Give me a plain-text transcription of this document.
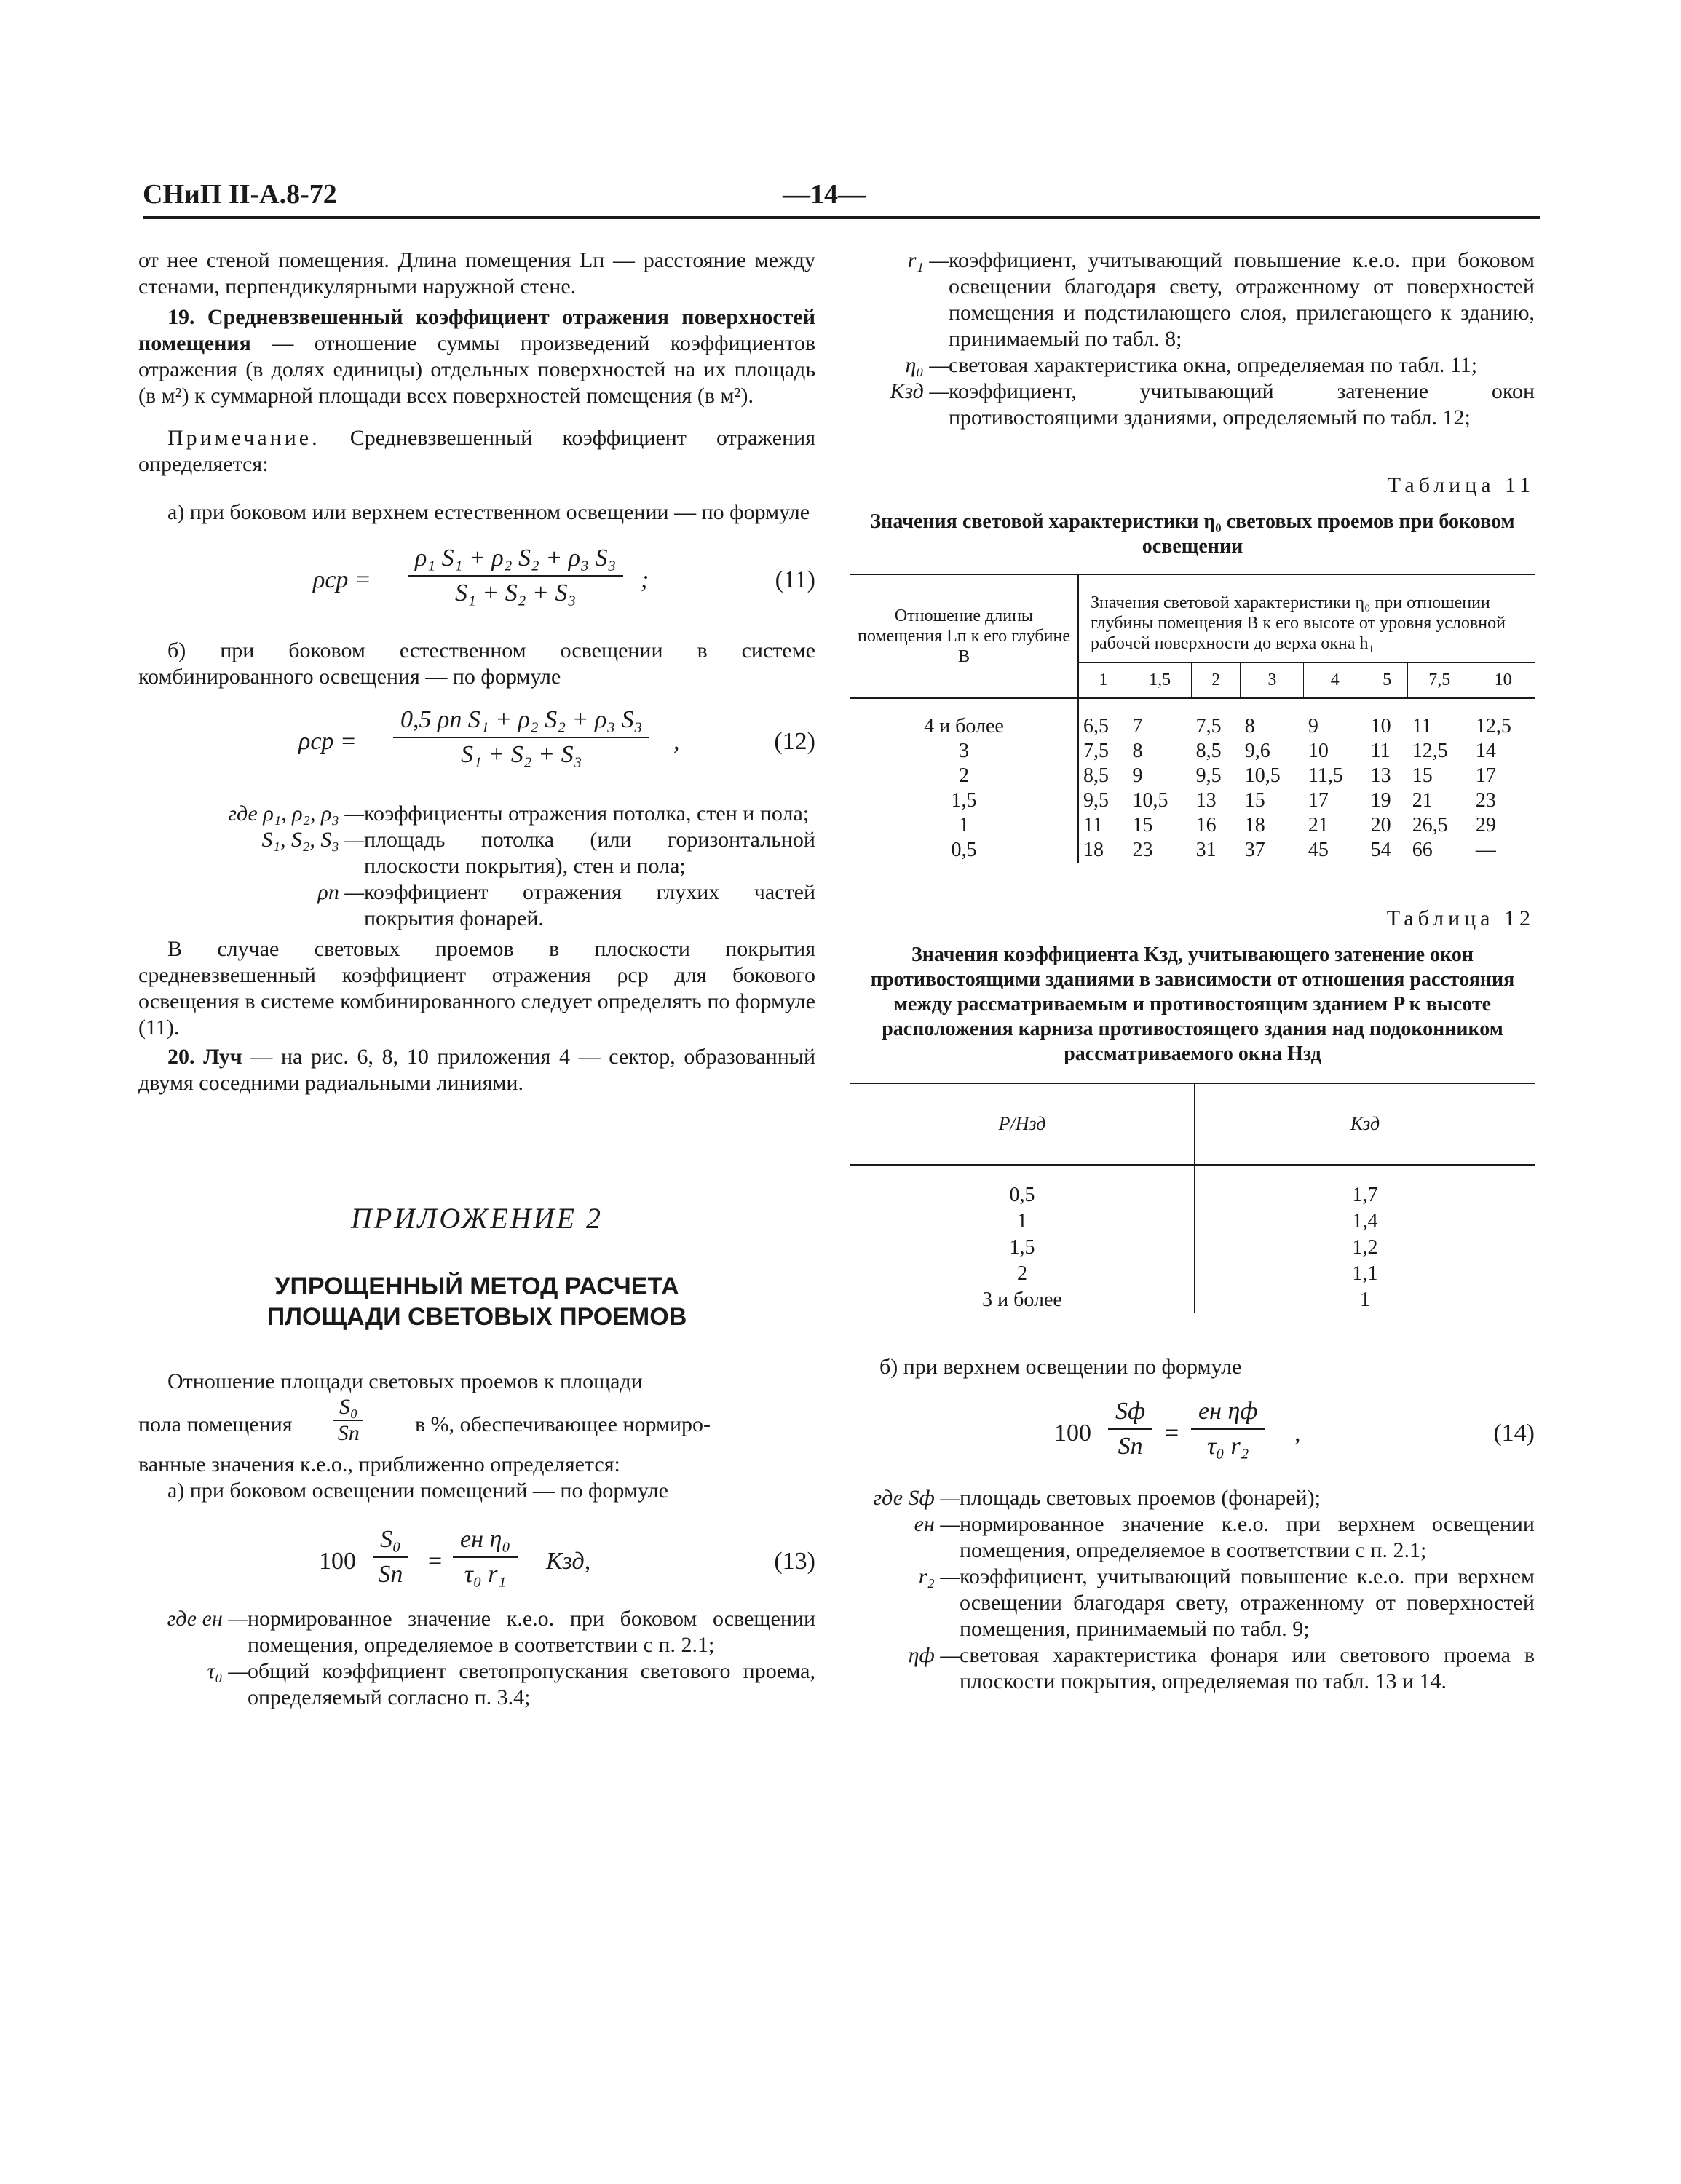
СНиП II-А.8-72	—14—

от нее стеной помещения. Длина помещения Lп — расстояние между стенами, перпендикулярными наружной стене.

19. Средневзвешенный коэффициент отражения поверхностей помещения — отношение суммы произведений коэффициентов отражения (в долях единицы) отдельных поверхностей на их площадь (в м²) к суммарной площади всех поверхностей помещения (в м²).

Примечание. Средневзвешенный коэффициент отражения определяется:

а) при боковом или верхнем естественном освещении — по формуле

$\rho ср = \frac{\text{ρ₁ S₁ + ρ₂ S₂ + ρ₃ S₃}}{\text{S₁ + S₂ + S₃}}$ ;	(11)

б) при боковом естественном освещении в системе комбинированного освещения — по формуле

ρср =
0,5 ρп S₁ + ρ₂ S₂ + ρ₃ S₃
S₁ + S₂ + S₃	,	(12)
где ρ₁, ρ₂, ρ₃ — коэффициенты отражения потолка, стен и пола;
S₁, S₂, S₃ — площадь потолка (или горизонтальной плоскости покрытия), стен и пола;
ρп — коэффициент отражения глухих частей покрытия фонарей.

В случае световых проемов в плоскости покрытия средневзвешенный коэффициент отражения ρср для бокового освещения в системе комбинированного следует определять по формуле (11).

20. Луч — на рис. 6, 8, 10 приложения 4 — сектор, образованный двумя соседними радиальными линиями.

ПРИЛОЖЕНИЕ 2

УПРОЩЕННЫЙ МЕТОД РАСЧЕТА

ПЛОЩАДИ СВЕТОВЫХ ПРОЕМОВ

Отношение площади световых проемов к площади

пола помещения
S₀
Sп	в %, обеспечивающее нормиро-

ванные значения к.е.о., приближенно определяется:

а) при боковом освещении помещений — по формуле

100
S₀
Sп =
eн η₀
τ₀ r₁	Kзд,	(13)
где eн — нормированное значение к.е.о. при боковом освещении помещения, определяемое в соответствии с п. 2.1;
τ₀ — общий коэффициент светопропускания светового проема, определяемый согласно п. 3.4;
r₁ — коэффициент, учитывающий повышение к.е.о. при боковом освещении благодаря свету, отраженному от поверхностей помещения и подстилающего слоя, прилегающего к зданию, принимаемый по табл. 8;
η₀ — световая характеристика окна, определяемая по табл. 11;
Kзд — коэффициент, учитывающий затенение окон противостоящими зданиями, определяемый по табл. 12;
Таблица 11
Значения световой характеристики η₀ световых проемов при боковом освещении
Отношение длины помещения Lп к его глубине B	Значения световой характеристики η₀ при отношении глубины помещения B к его высоте от уровня условной рабочей поверхности до верха окна h₁							
	1	1,5	2	3	4	5	7,5	10

4 и более	6,5	7	7,5	8	9	10	11	12,5
3	7,5	8	8,5	9,6	10	11	12,5	14
2	8,5	9	9,5	10,5	11,5	13	15	17
1,5	9,5	10,5	13	15	17	19	21	23
1	11	15	16	18	21	20	26,5	29
0,5	18	23	31	37	45	54	66	—
Таблица 12
Значения коэффициента Kзд, учитывающего затенение окон противостоящими зданиями в зависимости от отношения расстояния между рассматриваемым и противостоящим зданием P к высоте расположения карниза противостоящего здания над подоконником рассматриваемого окна Hзд
P/Hзд	Kзд

0,5	1,7
1	1,4
1,5	1,2
2	1,1
3 и более	1

б) при верхнем освещении по формуле

100
Sф
Sп =
eн ηф
τ₀ r₂	,	(14)
где Sф — площадь световых проемов (фонарей);
eн — нормированное значение к.е.о. при верхнем освещении помещения, определяемое в соответствии с п. 2.1;
r₂ — коэффициент, учитывающий повышение к.е.о. при верхнем освещении благодаря свету, отраженному от поверхностей помещения, принимаемый по табл. 9;
ηф — световая характеристика фонаря или светового проема в плоскости покрытия, определяемая по табл. 13 и 14.
